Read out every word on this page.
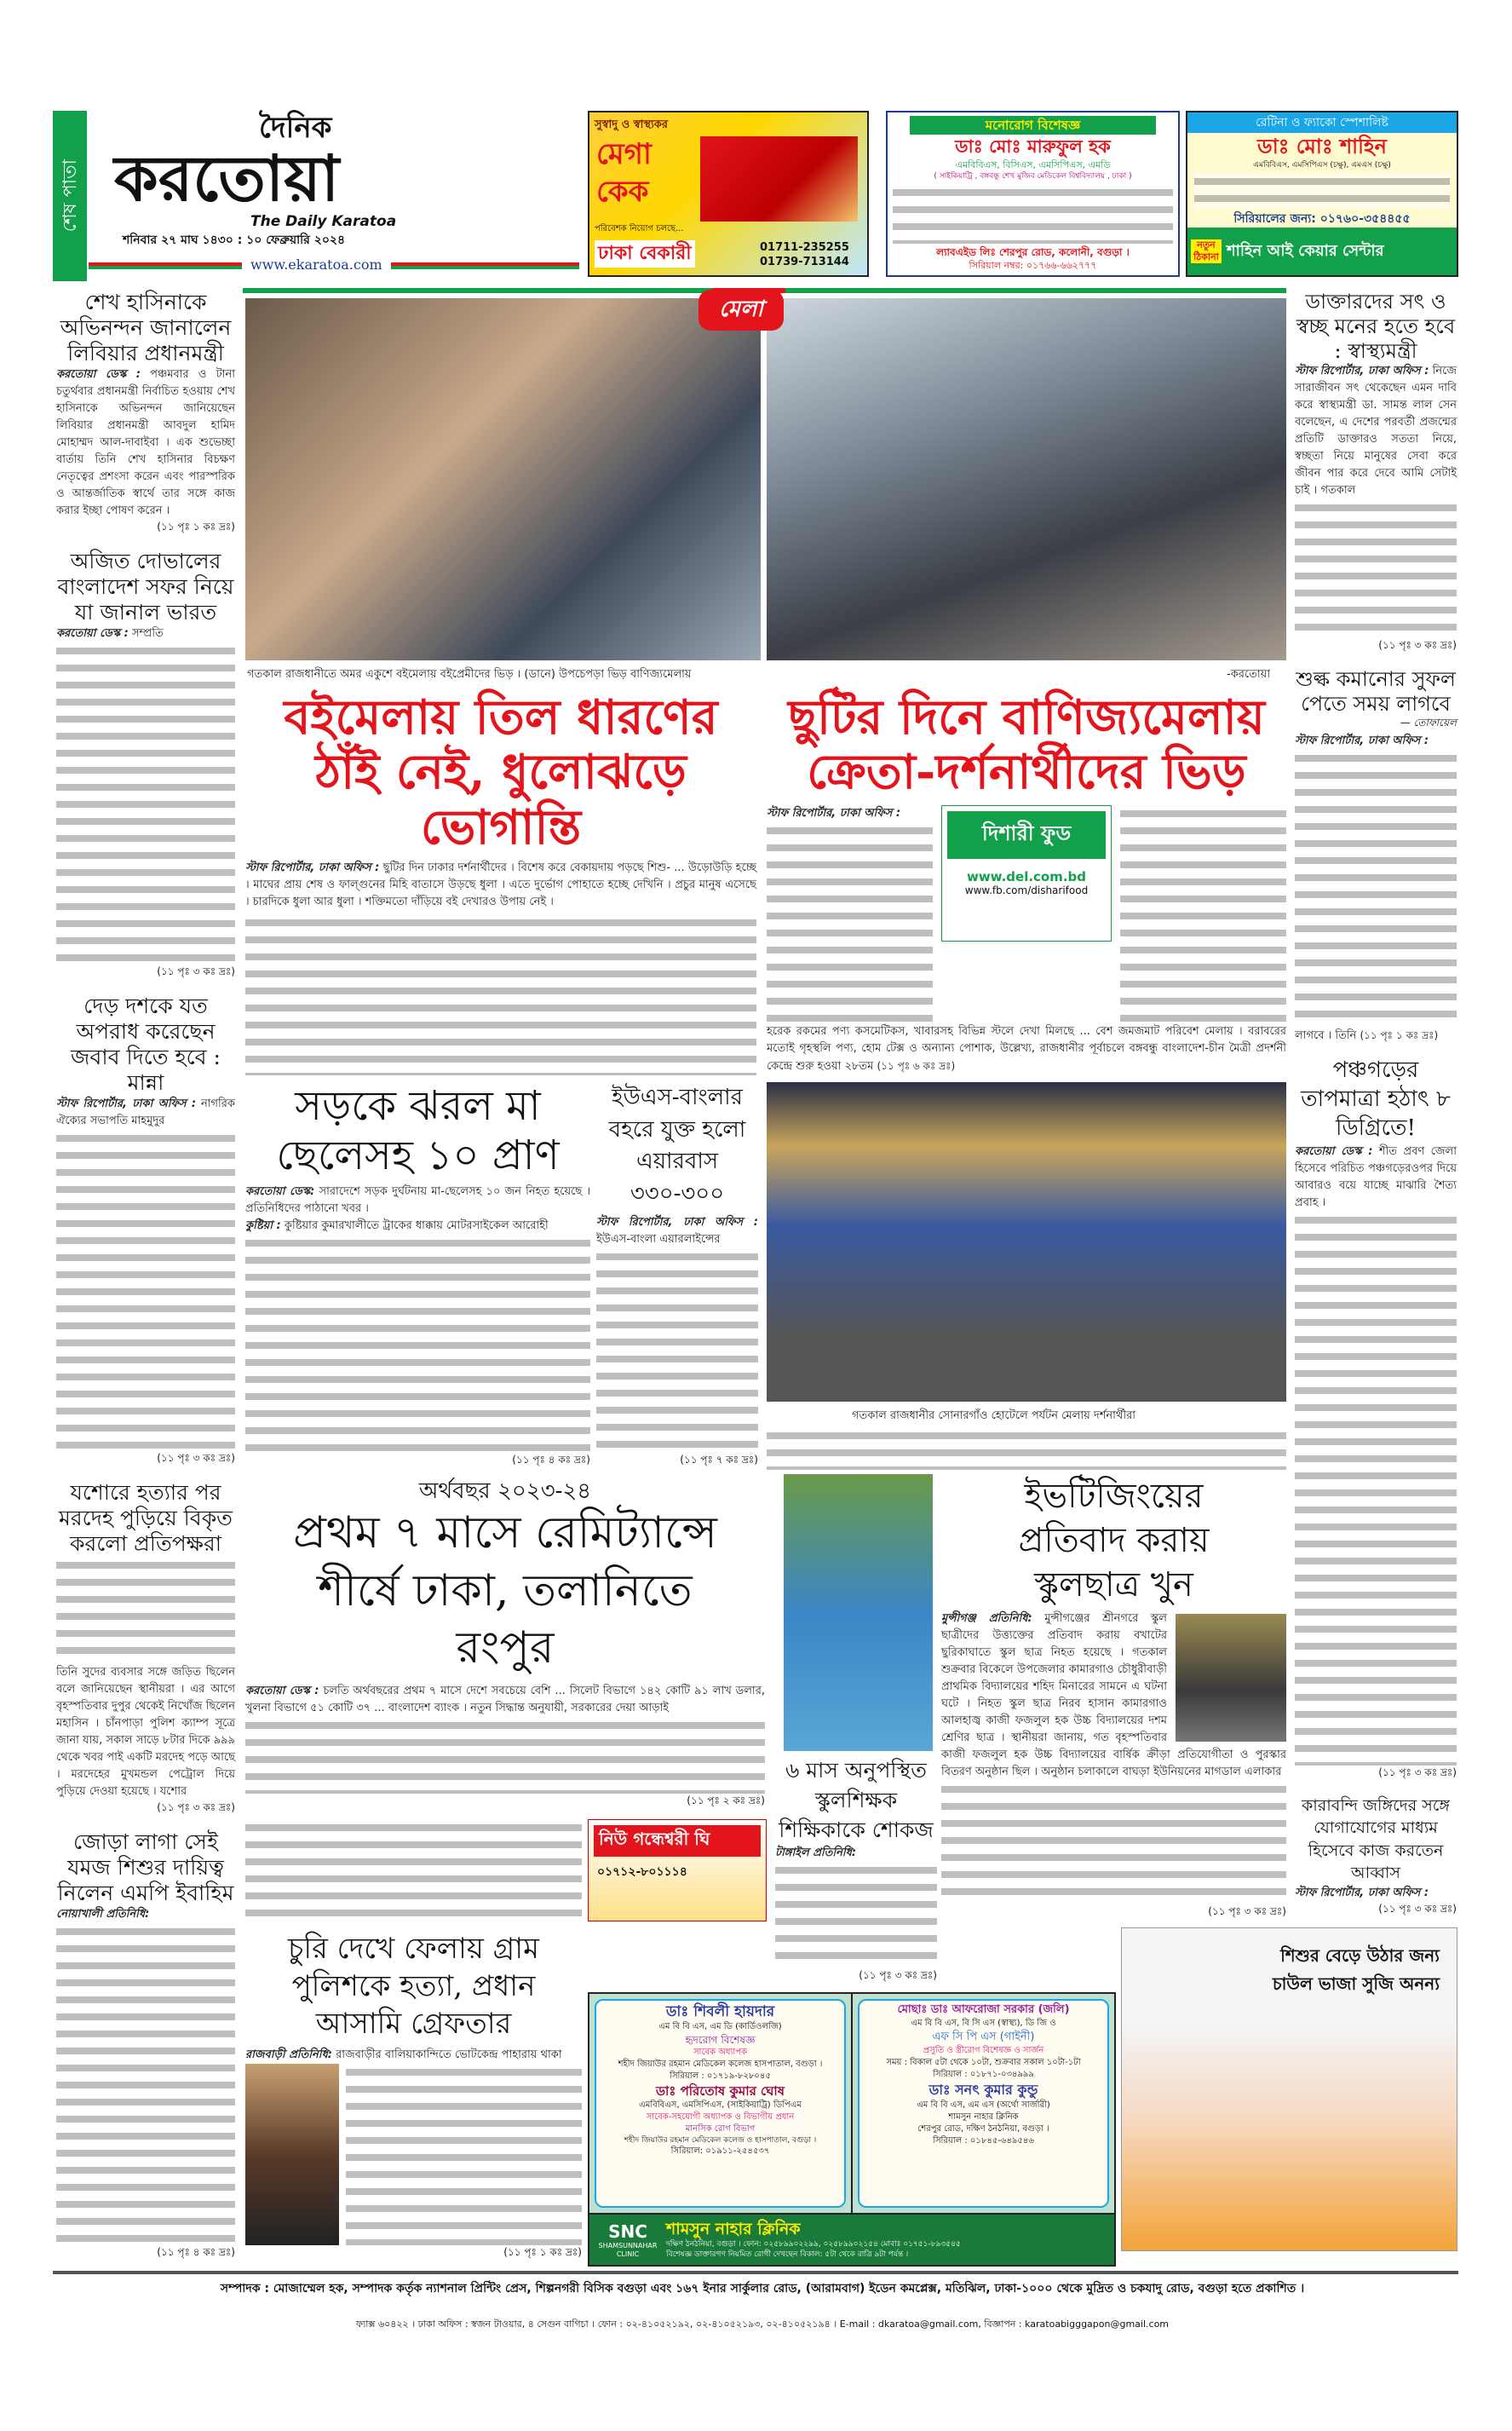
শেষ পাতা
দৈনিক
করতোয়া
The Daily Karatoa
শনিবার ২৭ মাঘ ১৪৩০ : ১০ ফেব্রুয়ারি ২০২৪
www.ekaratoa.com
সুস্বাদু ও স্বাস্থ্যকর
মেগা
কেক
পরিবেশক নিয়োগ চলছে...
ঢাকা বেকারী	01711-235255
01739-713144
মনোরোগ বিশেষজ্ঞ
ডাঃ মোঃ মারুফুল হক
এমবিবিএস, বিসিএস, এমসিপিএস, এমডি
( সাইকিয়াট্রি , বঙ্গবন্ধু শেখ মুজিব মেডিকেল বিশ্ববিদ্যালয় , ঢাকা )
ল্যাবএইড লিঃ শেরপুর রোড, কলোনী, বগুড়া ।
সিরিয়াল নম্বর: ০১৭৬৬-৬৬২৭৭৭
রেটিনা ও ফ্যাকো স্পেশালিষ্ট
ডাঃ মোঃ শাহিন
এমবিবিএস, এমসিপিএস (চক্ষু), এমএস (চক্ষু)
সিরিয়ালের জন্য: ০১৭৬০-৩৫৪৪৫৫
নতুন ঠিকানা শাহিন আই কেয়ার সেন্টার
শেখ হাসিনাকে অভিনন্দন জানালেন লিবিয়ার প্রধানমন্ত্রী

করতোয়া ডেস্ক : পঞ্চমবার ও টানা চতুর্থবার প্রধানমন্ত্রী নির্বাচিত হওয়ায় শেখ হাসিনাকে অভিনন্দন জানিয়েছেন লিবিয়ার প্রধানমন্ত্রী আবদুল হামিদ মোহাম্মদ আল-দাবাইবা । এক শুভেচ্ছা বার্তায় তিনি শেখ হাসিনার বিচক্ষণ নেতৃত্বের প্রশংসা করেন এবং পারস্পরিক ও আন্তর্জাতিক স্বার্থে তার সঙ্গে কাজ করার ইচ্ছা পোষণ করেন ।

(১১ পৃঃ ১ কঃ দ্রঃ)
অজিত দোভালের বাংলাদেশ সফর নিয়ে যা জানাল ভারত

করতোয়া ডেস্ক : সম্প্রতি

(১১ পৃঃ ৩ কঃ দ্রঃ)
দেড় দশকে যত অপরাধ করেছেন জবাব দিতে হবে : মান্না

স্টাফ রিপোর্টার, ঢাকা অফিস : নাগরিক ঐক্যের সভাপতি মাহমুদুর

(১১ পৃঃ ৩ কঃ দ্রঃ)
যশোরে হত্যার পর মরদেহ পুড়িয়ে বিকৃত করলো প্রতিপক্ষরা

তিনি সুদের ব্যবসার সঙ্গে জড়িত ছিলেন বলে জানিয়েছেন স্থানীয়রা । এর আগে বৃহস্পতিবার দুপুর থেকেই নিখোঁজ ছিলেন মহাসিন । চাঁনপাড়া পুলিশ ক্যাম্প সূত্রে জানা যায়, সকাল সাড়ে ৮টার দিকে ৯৯৯ থেকে খবর পাই একটি মরদেহ পড়ে আছে । মরদেহের মুখমন্ডল পেট্রোল দিয়ে পুড়িয়ে দেওয়া হয়েছে । যশোর

(১১ পৃঃ ৩ কঃ দ্রঃ)
জোড়া লাগা সেই যমজ শিশুর দায়িত্ব নিলেন এমপি ইবাহিম

নোয়াখালী প্রতিনিধি:

(১১ পৃঃ ৪ কঃ দ্রঃ)
মেলা
গতকাল রাজধানীতে অমর একুশে বইমেলায় বইপ্রেমীদের ভিড় । (ডানে) উপচেপড়া ভিড় বাণিজ্যমেলায়	-করতোয়া
বইমেলায় তিল ধারণের ঠাঁই নেই, ধুলোঝড়ে ভোগান্তি

স্টাফ রিপোর্টার, ঢাকা অফিস : ছুটির দিন ঢাকার দর্শনার্থীদের । বিশেষ করে বেকায়দায় পড়ছে শিশু- ... উড়োউড়ি হচ্ছে । মাঘের প্রায় শেষ ও ফাল্গুনের মিহি বাতাসে উড়ছে ধুলা । এতে দুর্ভোগ পোহাতে হচ্ছে দেখিনি । প্রচুর মানুষ এসেছে । চারদিকে ধুলা আর ধুলা । শক্তিমতো দাঁড়িয়ে বই দেখারও উপায় নেই ।

ছুটির দিনে বাণিজ্যমেলায় ক্রেতা-দর্শনার্থীদের ভিড়

স্টাফ রিপোর্টার, ঢাকা অফিস :

দিশারী ফুড
www.del.com.bd
www.fb.com/disharifood

হরেক রকমের পণ্য কসমেটিকস, খাবারসহ বিভিন্ন স্টলে দেখা মিলছে ... বেশ জমজমাট পরিবেশ মেলায় । বরাবরের মতোই গৃহস্থলি পণ্য, হোম টেক্স ও অন্যান্য পোশাক, উল্লেখ্য, রাজধানীর পূর্বাচলে বঙ্গবন্ধু বাংলাদেশ-চীন মৈত্রী প্রদর্শনী কেন্দ্রে শুরু হওয়া ২৮তম (১১ পৃঃ ৬ কঃ দ্রঃ)

সড়কে ঝরল মা ছেলেসহ ১০ প্রাণ

করতোয়া ডেস্ক: সারাদেশে সড়ক দুর্ঘটনায় মা-ছেলেসহ ১০ জন নিহত হয়েছে । প্রতিনিধিদের পাঠানো খবর ।

কুষ্টিয়া : কুষ্টিয়ার কুমারখালীতে ট্রাকের ধাক্কায় মোটরসাইকেল আরোহী

(১১ পৃঃ ৪ কঃ দ্রঃ)
ইউএস-বাংলার বহরে যুক্ত হলো এয়ারবাস ৩৩০-৩০০

স্টাফ রিপোর্টার, ঢাকা অফিস : ইউএস-বাংলা এয়ারলাইন্সের

(১১ পৃঃ ৭ কঃ দ্রঃ)
গতকাল রাজধানীর সোনারগাঁও হোটেলে পর্যটন মেলায় দর্শনার্থীরা
অর্থবছর ২০২৩-২৪
প্রথম ৭ মাসে রেমিট্যান্সে শীর্ষে ঢাকা, তলানিতে রংপুর

করতোয়া ডেস্ক : চলতি অর্থবছরের প্রথম ৭ মাসে দেশে সবচেয়ে বেশি ... সিলেট বিভাগে ১৪২ কোটি ৯১ লাখ ডলার, খুলনা বিভাগে ৫১ কোটি ৩৭ ... বাংলাদেশ ব্যাংক । নতুন সিদ্ধান্ত অনুযায়ী, সরকারের দেয়া আড়াই

(১১ পৃঃ ২ কঃ দ্রঃ)
নিউ গন্ধেশ্বরী ঘি
০১৭১২-৮০১১১৪
৬ মাস অনুপস্থিত স্কুলশিক্ষক শিক্ষিকাকে শোকজ

টাঙ্গাইল প্রতিনিধি:

(১১ পৃঃ ৩ কঃ দ্রঃ)
ইভটিজিংয়ের প্রতিবাদ করায় স্কুলছাত্র খুন

মুন্সীগঞ্জ প্রতিনিধি: মুন্সীগঞ্জের শ্রীনগরে স্কুল ছাত্রীদের উত্ত্যক্তের প্রতিবাদ করায় বখাটের ছুরিকাঘাতে স্কুল ছাত্র নিহত হয়েছে । গতকাল শুক্রবার বিকেলে উপজেলার কামারগাও চৌধুরীবাড়ী প্রাথমিক বিদ্যালয়ের শহিদ মিনারের সামনে এ ঘটনা ঘটে । নিহত স্কুল ছাত্র নিরব হাসান কামারগাও আলহাজ্ব কাজী ফজলুল হক উচ্চ বিদ্যালয়ের দশম শ্রেণির ছাত্র । স্থানীয়রা জানায়, গত বৃহস্পতিবার কাজী ফজলুল হক উচ্চ বিদ্যালয়ের বার্ষিক ক্রীড়া প্রতিযোগীতা ও পুরস্কার বিতরণ অনুষ্ঠান ছিল । অনুষ্ঠান চলাকালে বাঘড়া ইউনিয়নের মাগডাল এলাকার

(১১ পৃঃ ৩ কঃ দ্রঃ)
চুরি দেখে ফেলায় গ্রাম পুলিশকে হত্যা, প্রধান আসামি গ্রেফতার

রাজবাড়ী প্রতিনিধি: রাজবাড়ীর বালিয়াকান্দিতে ভোটকেন্দ্র পাহারায় থাকা

(১১ পৃঃ ১ কঃ দ্রঃ)
ডাঃ শিবলী হায়দার
এম বি বি এস, এম ডি (কার্ডিওলজি)
হৃদরোগ বিশেষজ্ঞ
সাবেক অধ্যাপক
শহীদ জিয়াউর রহমান মেডিকেল কলেজ হাসপাতাল, বগুড়া ।
সিরিয়াল : ০১৭১৯-৮২৮০৪৫
ডাঃ পরিতোষ কুমার ঘোষ
এমবিবিএস, এমসিপিএস, (সাইকিয়াট্রি) ডিপিএম
সাবেক-সহযোগী অধ্যাপক ও বিভাগীয় প্রধান
মানসিক রোগ বিভাগ
শহীদ জিয়াউর রহমান মেডিকেল কলেজ ও হাসপাতাল, বগুড়া ।
সিরিয়াল: ০১৯১১-২৫৪৫৩৭
মোছাঃ ডাঃ আফরোজা সরকার (জলি)
এম বি বি এস, বি সি এস (স্বাস্থ্য), ডি জি ও
এফ সি পি এস (গাইনী)
প্রসুতি ও স্ত্রীরোগ বিশেষজ্ঞ ও সার্জন
সময় : বিকাল ৫টা থেকে ১০টা, শুক্রবার সকাল ১০টা-১টা
সিরিয়াল : ০১৮৭১-০৩৪৯৯৯
ডাঃ সনৎ কুমার কুন্ডু
এম বি বি এস, এম এস (অর্থো সার্জারী)
শামসুন নাহার ক্লিনিক
শেরপুর রোড, দক্ষিণ ঠনঠনিয়া, বগুড়া ।
সিরিয়াল : ০১৮৪৫-৬৪৯৫৪৬
SNC
SHAMSUNNAHAR CLINIC
শামসুন নাহার ক্লিনিক
দক্ষিণ ঠনঠনিয়া, বগুড়া । ফোন: ০২৫৮৯৯০২২৯৯, ০২৫৮৯৯০২১৫৪ মোবাঃ ০১৭৫১-৮৯৩৫৪৫
বিশেষজ্ঞ ডাক্তারগণ নিয়মিত রোগী দেখছেন বিকাল: ৫টা থেকে রাত্রি ৯টা পর্যন্ত ।
শিশুর বেড়ে উঠার জন্য
চাউল ভাজা সুজি অনন্য
ডাক্তারদের সৎ ও স্বচ্ছ মনের হতে হবে : স্বাস্থ্যমন্ত্রী

স্টাফ রিপোর্টার, ঢাকা অফিস : নিজে সারাজীবন সৎ থেকেছেন এমন দাবি করে স্বাস্থ্যমন্ত্রী ডা. সামন্ত লাল সেন বলেছেন, এ দেশের পরবর্তী প্রজন্মের প্রতিটি ডাক্তারও সততা নিয়ে, স্বচ্ছতা নিয়ে মানুষের সেবা করে জীবন পার করে দেবে আমি সেটাই চাই । গতকাল

(১১ পৃঃ ৩ কঃ দ্রঃ)
শুল্ক কমানোর সুফল পেতে সময় লাগবে
— তোফায়েল

স্টাফ রিপোর্টার, ঢাকা অফিস :

লাগবে । তিনি (১১ পৃঃ ১ কঃ দ্রঃ)

পঞ্চগড়ের তাপমাত্রা হঠাৎ ৮ ডিগ্রিতে!

করতোয়া ডেস্ক : শীত প্রবণ জেলা হিসেবে পরিচিত পঞ্চগড়েরওপর দিয়ে আবারও বয়ে যাচ্ছে মাঝারি শৈত্য প্রবাহ ।

(১১ পৃঃ ৩ কঃ দ্রঃ)
কারাবন্দি জঙ্গিদের সঙ্গে যোগাযোগের মাধ্যম হিসেবে কাজ করতেন আব্বাস

স্টাফ রিপোর্টার, ঢাকা অফিস :

(১১ পৃঃ ৩ কঃ দ্রঃ)
সম্পাদক : মোজাম্মেল হক, সম্পাদক কর্তৃক ন্যাশনাল প্রিন্টিং প্রেস, শিল্পনগরী বিসিক বগুড়া এবং ১৬৭ ইনার সার্কুলার রোড, (আরামবাগ) ইডেন কমপ্লেক্স, মতিঝিল, ঢাকা-১০০০ থেকে মুদ্রিত ও চকযাদু রোড, বগুড়া হতে প্রকাশিত ।
ফ্যাক্স ৬০৪২২ । ঢাকা অফিস : স্বজন টাওয়ার, ৪ সেগুন বাগিচা । ফোন : ০২-৪১০৫২১৯২, ০২-৪১০৫২১৯৩, ০২-৪১০৫২১৯৪ । E-mail : dkaratoa@gmail.com, বিজ্ঞাপন : karatoabigggapon@gmail.com
